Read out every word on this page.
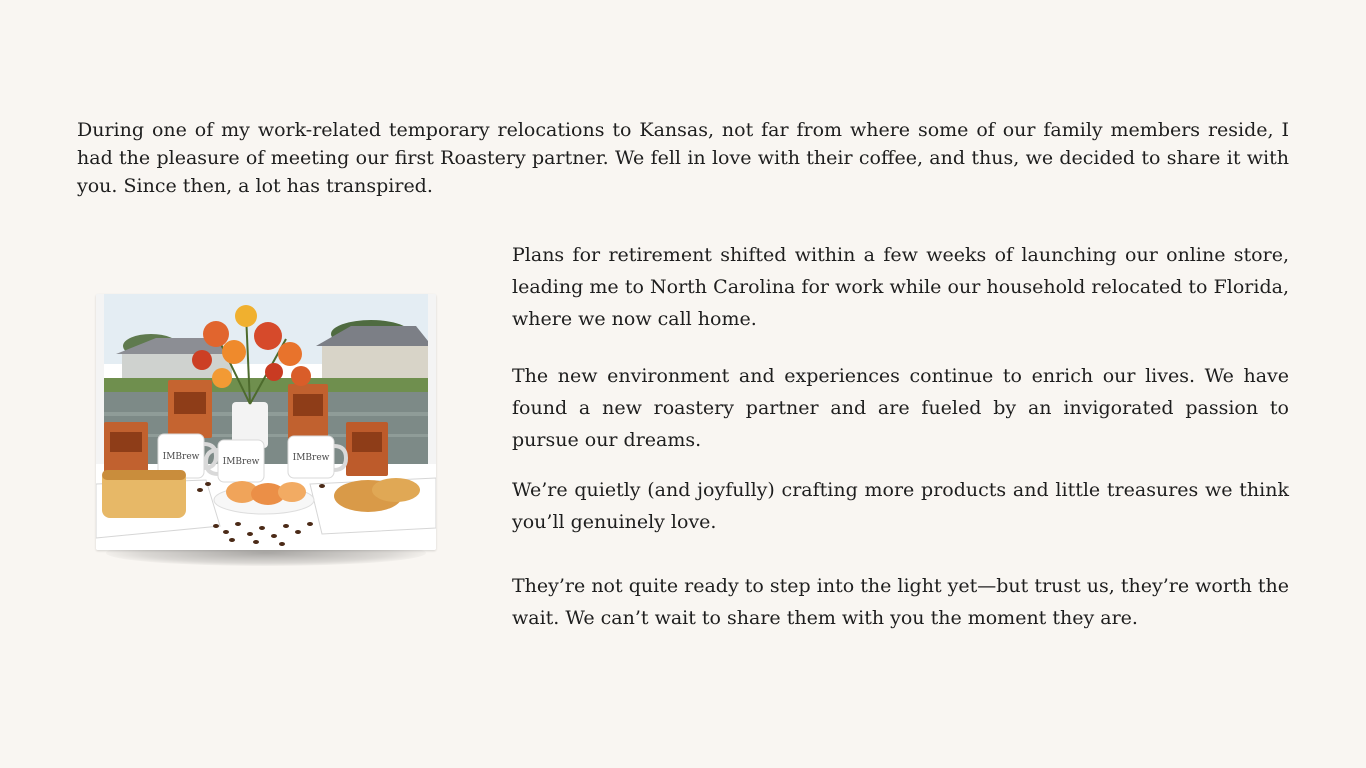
During one of my work-related temporary relocations to Kansas, not far from where some of our family members reside, I had the pleasure of meeting our first Roastery partner. We fell in love with their coffee, and thus, we decided to share it with you. Since then, a lot has transpired.

IMBrew	IMBrew	IMBrew

Plans for retirement shifted within a few weeks of launching our online store, leading me to North Carolina for work while our household relocated to Florida, where we now call home.

The new environment and experiences continue to enrich our lives. We have found a new roastery partner and are fueled by an invigorated passion to pursue our dreams.

We’re quietly (and joyfully) crafting more products and little treasures we think you’ll genuinely love.

They’re not quite ready to step into the light yet—but trust us, they’re worth the wait. We can’t wait to share them with you the moment they are.
